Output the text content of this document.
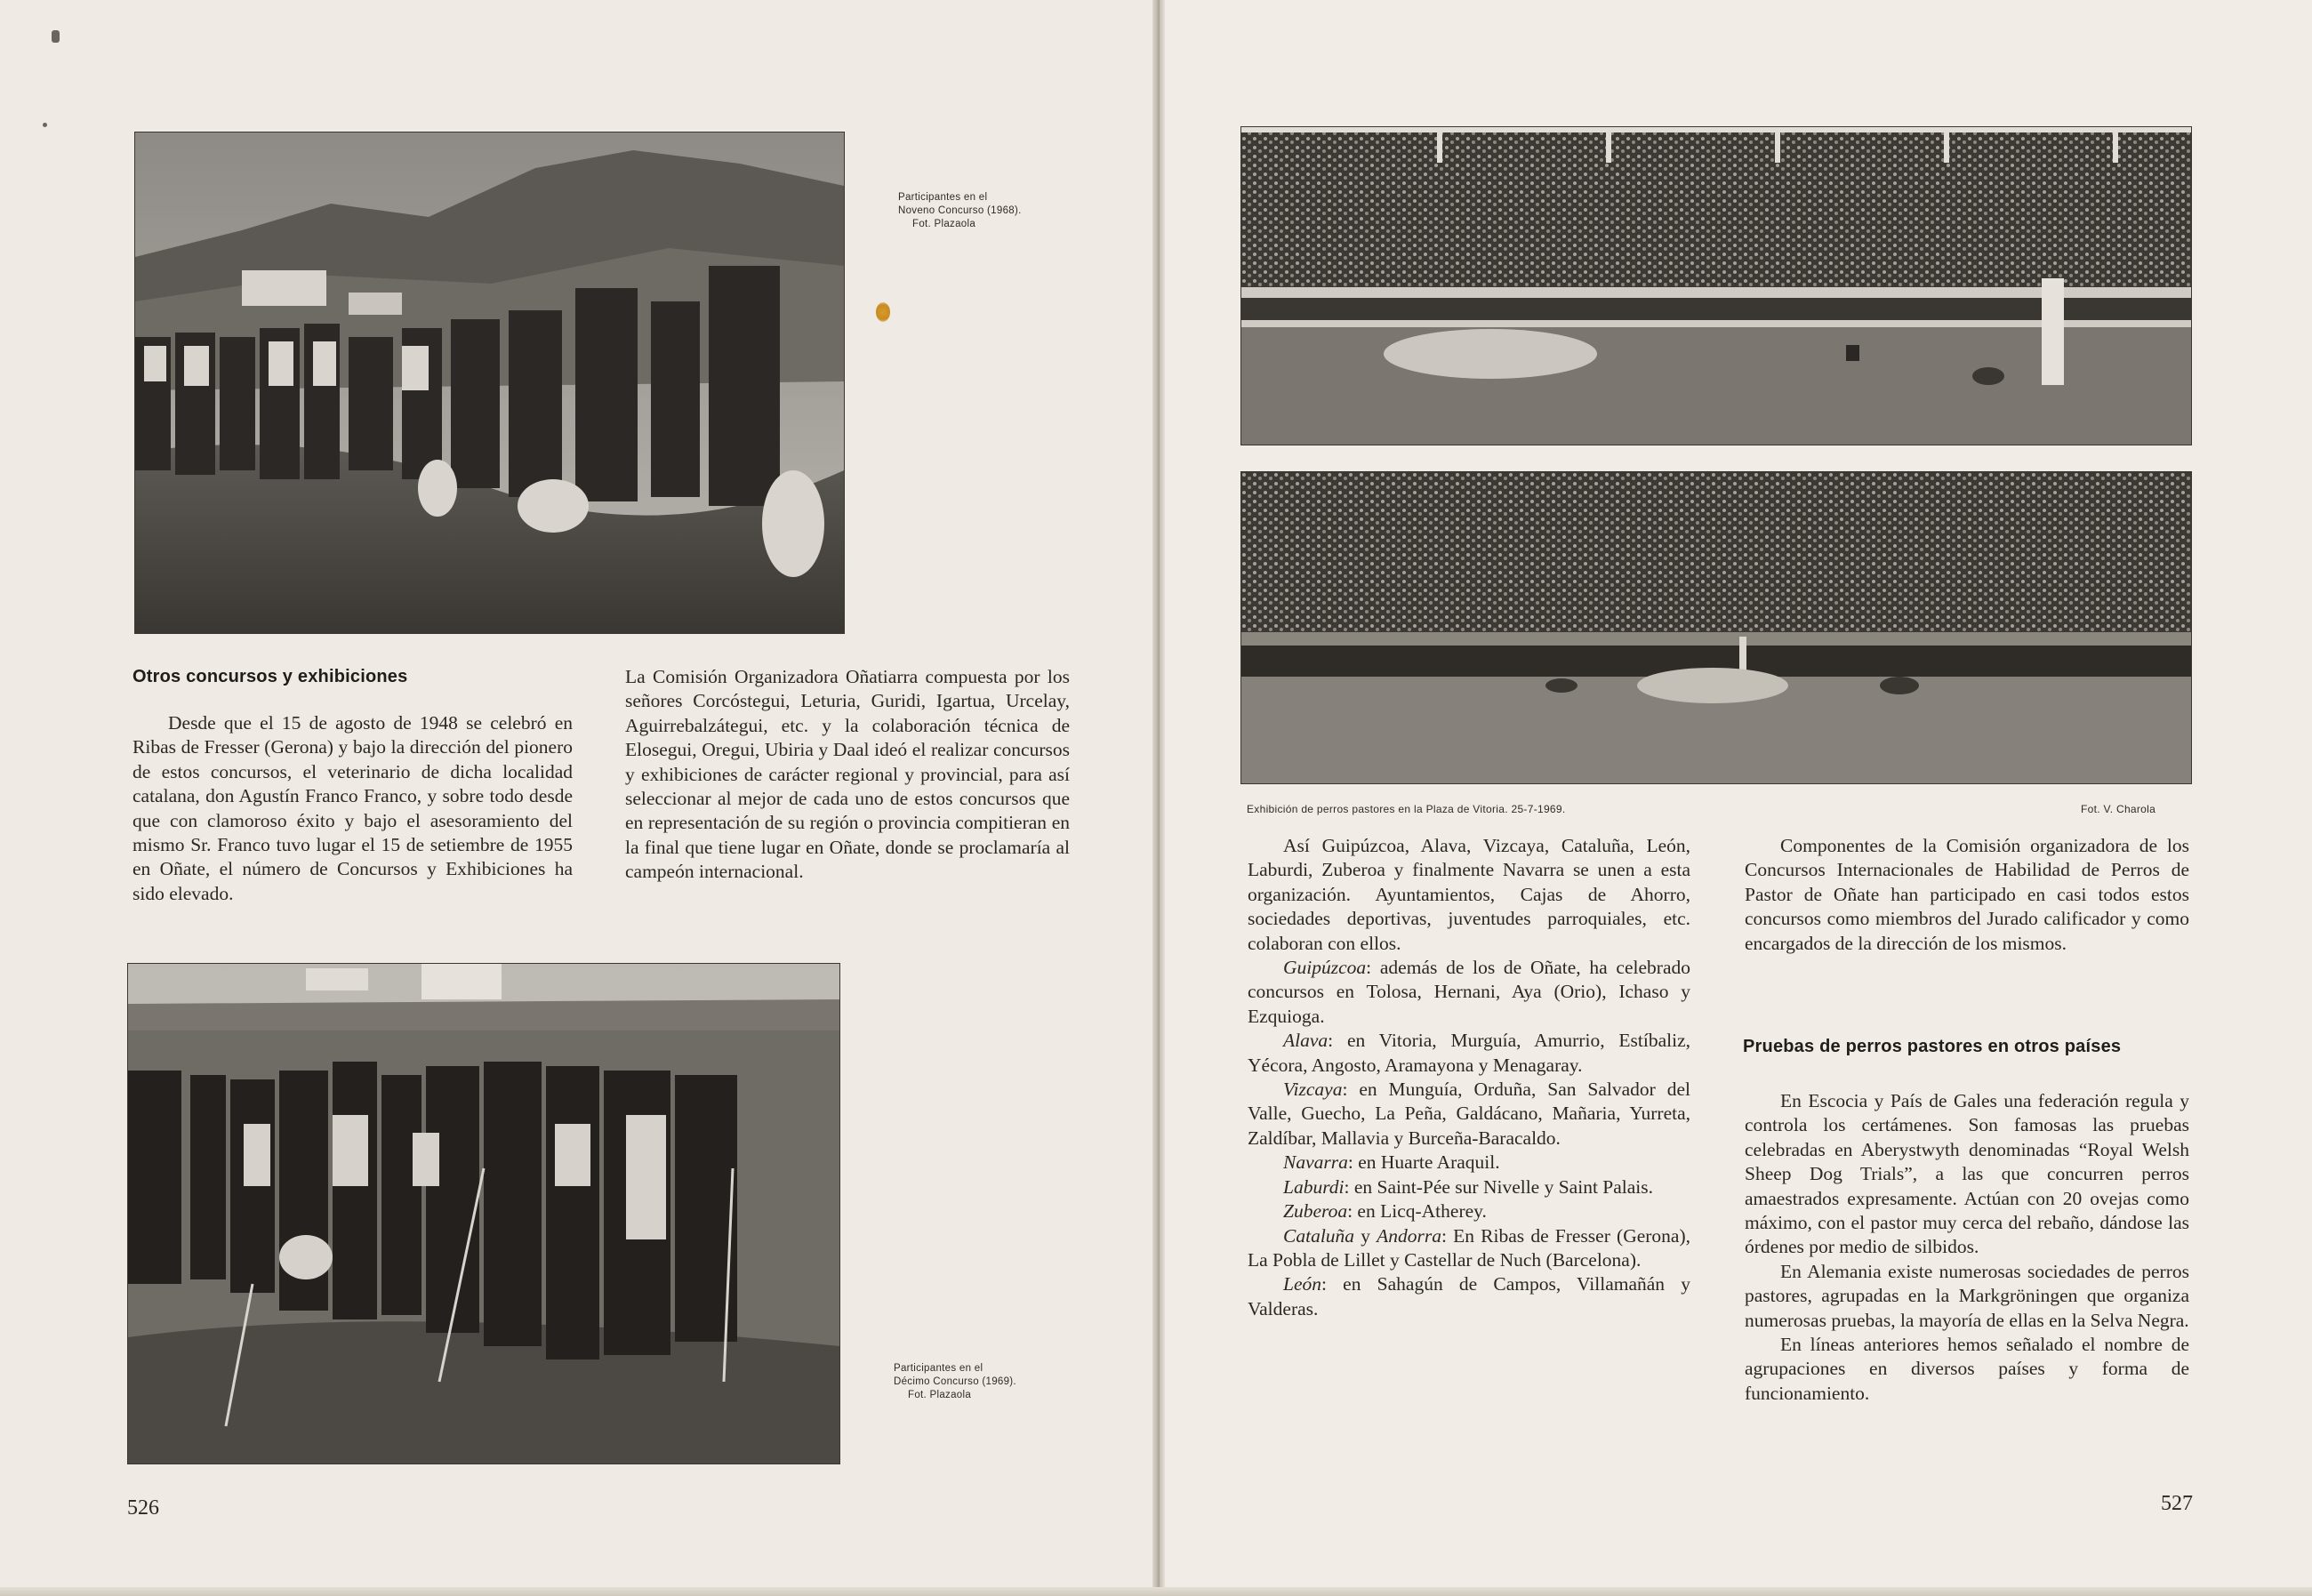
Participantes en el
Noveno Concurso (1968).
Fot. Plazaola
Otros concursos y exhibiciones

Desde que el 15 de agosto de 1948 se celebró en Ribas de Fresser (Gerona) y bajo la dirección del pionero de estos concursos, el veterinario de dicha localidad catalana, don Agustín Franco Franco, y sobre todo desde que con clamoroso éxito y bajo el asesoramiento del mismo Sr. Franco tuvo lugar el 15 de setiembre de 1955 en Oñate, el número de Concursos y Exhibiciones ha sido elevado.

La Comisión Organizadora Oñatiarra compuesta por los señores Corcóstegui, Leturia, Guridi, Igartua, Urcelay, Aguirrebalzátegui, etc. y la colaboración técnica de Elosegui, Oregui, Ubiria y Daal ideó el realizar concursos y exhibiciones de carácter regional y provincial, para así seleccionar al mejor de cada uno de estos concursos que en representación de su región o provincia compitieran en la final que tiene lugar en Oñate, donde se proclamaría al campeón internacional.

Participantes en el
Décimo Concurso (1969).
Fot. Plazaola
526
Exhibición de perros pastores en la Plaza de Vitoria. 25-7-1969.	Fot. V. Charola

Así Guipúzcoa, Alava, Vizcaya, Cataluña, León, Laburdi, Zuberoa y finalmente Navarra se unen a esta organización. Ayuntamientos, Cajas de Ahorro, sociedades deportivas, juventudes parroquiales, etc. colaboran con ellos.

Guipúzcoa: además de los de Oñate, ha celebrado concursos en Tolosa, Hernani, Aya (Orio), Ichaso y Ezquioga.

Alava: en Vitoria, Murguía, Amurrio, Estíbaliz, Yécora, Angosto, Aramayona y Menagaray.

Vizcaya: en Munguía, Orduña, San Salvador del Valle, Guecho, La Peña, Galdácano, Mañaria, Yurreta, Zaldíbar, Mallavia y Burceña-Baracaldo.

Navarra: en Huarte Araquil.

Laburdi: en Saint-Pée sur Nivelle y Saint Palais.

Zuberoa: en Licq-Atherey.

Cataluña y Andorra: En Ribas de Fresser (Gerona), La Pobla de Lillet y Castellar de Nuch (Barcelona).

León: en Sahagún de Campos, Villamañán y Valderas.

Componentes de la Comisión organizadora de los Concursos Internacionales de Habilidad de Perros de Pastor de Oñate han participado en casi todos estos concursos como miembros del Jurado calificador y como encargados de la dirección de los mismos.

Pruebas de perros pastores en otros países

En Escocia y País de Gales una federación regula y controla los certámenes. Son famosas las pruebas celebradas en Aberystwyth denominadas “Royal Welsh Sheep Dog Trials”, a las que concurren perros amaestrados expresamente. Actúan con 20 ovejas como máximo, con el pastor muy cerca del rebaño, dándose las órdenes por medio de silbidos.

En Alemania existe numerosas sociedades de perros pastores, agrupadas en la Markgröningen que organiza numerosas pruebas, la mayoría de ellas en la Selva Negra.

En líneas anteriores hemos señalado el nombre de agrupaciones en diversos países y forma de funcionamiento.

527
